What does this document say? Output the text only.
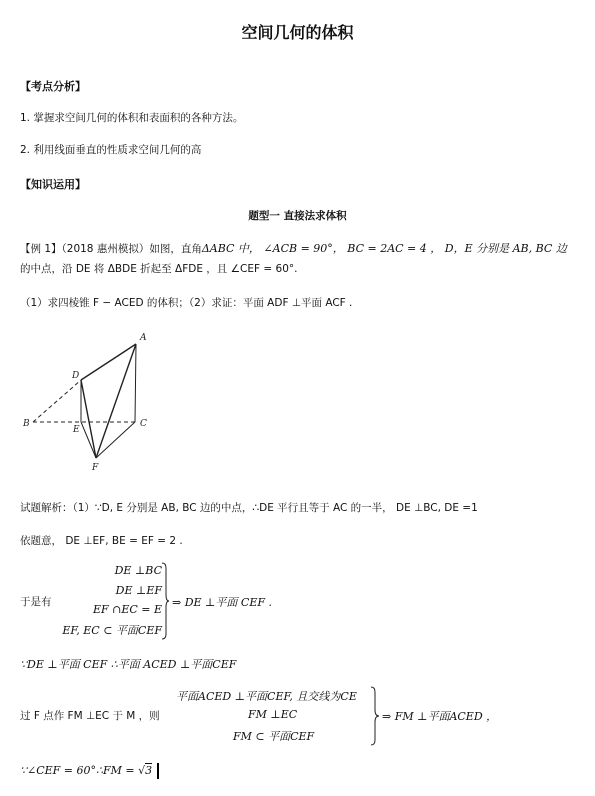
空间几何的体积
【考点分析】
1. 掌握求空间几何的体积和表面积的各种方法。
2. 利用线面垂直的性质求空间几何的高
【知识运用】
题型一 直接法求体积
【例 1】（2018 惠州模拟）如图，直角ΔABC 中， ∠ACB = 90°， BC = 2AC = 4 ， D，E 分别是 AB, BC 边
的中点，沿 DE 将 ΔBDE 折起至 ΔFDE ，且 ∠CEF = 60°.
（1）求四棱锥 F − ACED 的体积；（2）求证：平面 ADF ⊥平面 ACF .
A
D
B
E
C
F
试题解析：（1）∵D, E 分别是 AB, BC 边的中点，∴DE 平行且等于 AC 的一半， DE ⊥BC, DE =1
依题意， DE ⊥EF, BE = EF = 2 .
于是有
DE ⊥BC
DE ⊥EF
EF ∩EC = E
EF, EC ⊂ 平面CEF
⇒ DE ⊥平面 CEF .
∵DE ⊥平面 CEF ∴平面 ACED ⊥平面CEF
过 F 点作 FM ⊥EC 于 M ，则
平面ACED ⊥平面CEF, 且交线为CE
FM ⊥EC
FM ⊂ 平面CEF
⇒ FM ⊥平面ACED ，
∵∠CEF = 60°∴FM = √3
